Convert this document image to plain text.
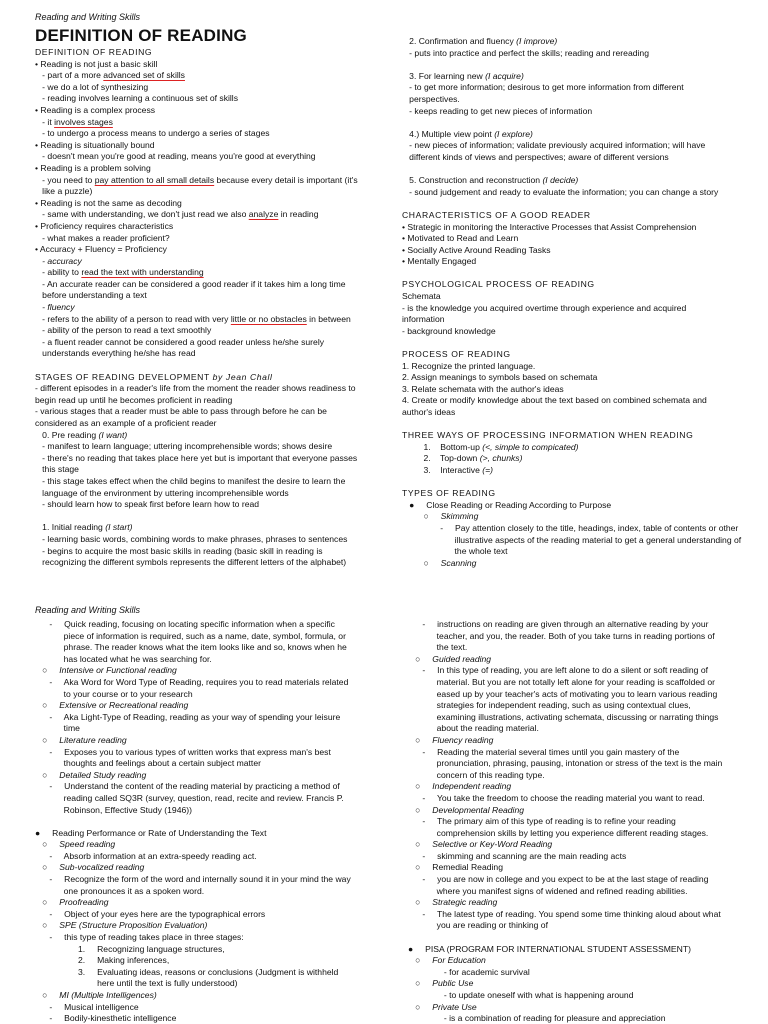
Reading and Writing Skills
DEFINITION OF READING
DEFINITION OF READING
• Reading is not just a basic skill
- part of a more advanced set of skills
- we do a lot of synthesizing
- reading involves learning a continuous set of skills
• Reading is a complex process
- it involves stages
- to undergo a process means to undergo a series of stages
• Reading is situationally bound
- doesn't mean you're good at reading, means you're good at everything
• Reading is a problem solving
- you need to pay attention to all small details because every detail is important (it's
like a puzzle)
• Reading is not the same as decoding
- same with understanding, we don't just read we also analyze in reading
• Proficiency requires characteristics
- what makes a reader proficient?
• Accuracy + Fluency = Proficiency
- accuracy
- ability to read the text with understanding
- An accurate reader can be considered a good reader if it takes him a long time
before understanding a text
- fluency
- refers to the ability of a person to read with very little or no obstacles in between
- ability of the person to read a text smoothly
- a fluent reader cannot be considered a good reader unless he/she surely
understands everything he/she has read
STAGES OF READING DEVELOPMENT by Jean Chall
- different episodes in a reader's life from the moment the reader shows readiness to
begin read up until he becomes proficient in reading
- various stages that a reader must be able to pass through before he can be
considered as an example of a proficient reader
0. Pre reading (I want)
- manifest to learn language; uttering incomprehensible words; shows desire
- there's no reading that takes place here yet but is important that everyone passes
this stage
- this stage takes effect when the child begins to manifest the desire to learn the
language of the environment by uttering incomprehensible words
- should learn how to speak first before learn how to read
1. Initial reading (I start)
- learning basic words, combining words to make phrases, phrases to sentences
- begins to acquire the most basic skills in reading (basic skill in reading is
recognizing the different symbols represents the different letters of the alphabet)
2. Confirmation and fluency (I improve)
- puts into practice and perfect the skills; reading and rereading
3. For learning new (I acquire)
- to get more information; desirous to get more information from different
perspectives.
- keeps reading to get new pieces of information
4.) Multiple view point (I explore)
- new pieces of information; validate previously acquired information; will have
different kinds of views and perspectives; aware of different versions
5. Construction and reconstruction (I decide)
- sound judgement and ready to evaluate the information; you can change a story
CHARACTERISTICS OF A GOOD READER
• Strategic in monitoring the Interactive Processes that Assist Comprehension
• Motivated to Read and Learn
• Socially Active Around Reading Tasks
• Mentally Engaged
PSYCHOLOGICAL PROCESS OF READING
Schemata
- is the knowledge you acquired overtime through experience and acquired
information
- background knowledge
PROCESS OF READING
1. Recognize the printed language.
2. Assign meanings to symbols based on schemata
3. Relate schemata with the author's ideas
4. Create or modify knowledge about the text based on combined schemata and
author's ideas
THREE WAYS OF PROCESSING INFORMATION WHEN READING
1.    Bottom-up (<, simple to compicated)
2.    Top-down (>, chunks)
3.    Interactive (=)
TYPES OF READING
●     Close Reading or Reading According to Purpose
○     Skimming
-     Pay attention closely to the title, headings, index, table of contents or other
illustrative aspects of the reading material to get a general understanding of
the whole text
○     Scanning
Reading and Writing Skills
-     Quick reading, focusing on locating specific information when a specific
piece of information is required, such as a name, date, symbol, formula, or
phrase. The reader knows what the item looks like and so, knows when he
has located what he was searching for.
○     Intensive or Functional reading
-     Aka Word for Word Type of Reading, requires you to read materials related
to your course or to your research
○     Extensive or Recreational reading
-     Aka Light-Type of Reading, reading as your way of spending your leisure
time
○     Literature reading
-     Exposes you to various types of written works that express man's best
thoughts and feelings about a certain subject matter
○     Detailed Study reading
-     Understand the content of the reading material by practicing a method of
reading called SQ3R (survey, question, read, recite and review. Francis P.
Robinson, Effective Study (1946))
●     Reading Performance or Rate of Understanding the Text
○     Speed reading
-     Absorb information at an extra-speedy reading act.
○     Sub-vocalized reading
-     Recognize the form of the word and internally sound it in your mind the way
one pronounces it as a spoken word.
○     Proofreading
-     Object of your eyes here are the typographical errors
○     SPE (Structure Proposition Evaluation)
-     this type of reading takes place in three stages:
1.     Recognizing language structures,
2.     Making inferences,
3.     Evaluating ideas, reasons or conclusions (Judgment is withheld
here until the text is fully understood)
○     MI (Multiple Intelligences)
-     Musical intelligence
-     Bodily-kinesthetic intelligence
-     instructions on reading are given through an alternative reading by your
teacher, and you, the reader. Both of you take turns in reading portions of
the text.
○     Guided reading
-     In this type of reading, you are left alone to do a silent or soft reading of
material. But you are not totally left alone for your reading is scaffolded or
eased up by your teacher's acts of motivating you to learn various reading
strategies for independent reading, such as using contextual clues,
examining illustrations, activating schemata, discussing or narrating things
about the reading material.
○     Fluency reading
-     Reading the material several times until you gain mastery of the
pronunciation, phrasing, pausing, intonation or stress of the text is the main
concern of this reading type.
○     Independent reading
-     You take the freedom to choose the reading material you want to read.
○     Developmental Reading
-     The primary aim of this type of reading is to refine your reading
comprehension skills by letting you experience different reading stages.
○     Selective or Key-Word Reading
-     skimming and scanning are the main reading acts
○     Remedial Reading
-     you are now in college and you expect to be at the last stage of reading
where you manifest signs of widened and refined reading abilities.
○     Strategic reading
-     The latest type of reading. You spend some time thinking aloud about what
you are reading or thinking of
●     PISA (PROGRAM FOR INTERNATIONAL STUDENT ASSESSMENT)
○     For Education
- for academic survival
○     Public Use
- to update oneself with what is happening around
○     Private Use
- is a combination of reading for pleasure and appreciation
